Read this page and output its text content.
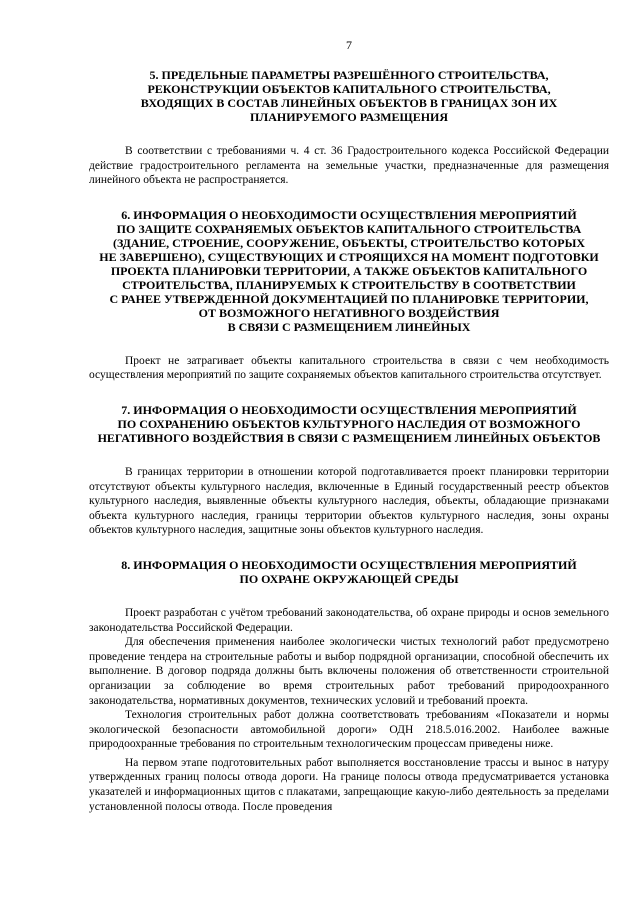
7
5. ПРЕДЕЛЬНЫЕ ПАРАМЕТРЫ РАЗРЕШЁННОГО СТРОИТЕЛЬСТВА,
РЕКОНСТРУКЦИИ ОБЪЕКТОВ КАПИТАЛЬНОГО СТРОИТЕЛЬСТВА,
ВХОДЯЩИХ В СОСТАВ ЛИНЕЙНЫХ ОБЪЕКТОВ В ГРАНИЦАХ ЗОН ИХ
ПЛАНИРУЕМОГО РАЗМЕЩЕНИЯ

В соответствии с требованиями ч. 4 ст. 36 Градостроительного кодекса Российской Федерации действие градостроительного регламента на земельные участки, предназначенные для размещения линейного объекта не распространяется.

6. ИНФОРМАЦИЯ О НЕОБХОДИМОСТИ ОСУЩЕСТВЛЕНИЯ МЕРОПРИЯТИЙ
ПО ЗАЩИТЕ СОХРАНЯЕМЫХ ОБЪЕКТОВ КАПИТАЛЬНОГО СТРОИТЕЛЬСТВА
(ЗДАНИЕ, СТРОЕНИЕ, СООРУЖЕНИЕ, ОБЪЕКТЫ, СТРОИТЕЛЬСТВО КОТОРЫХ
НЕ ЗАВЕРШЕНО), СУЩЕСТВУЮЩИХ И СТРОЯЩИХСЯ НА МОМЕНТ ПОДГОТОВКИ
ПРОЕКТА ПЛАНИРОВКИ ТЕРРИТОРИИ, А ТАКЖЕ ОБЪЕКТОВ КАПИТАЛЬНОГО
СТРОИТЕЛЬСТВА, ПЛАНИРУЕМЫХ К СТРОИТЕЛЬСТВУ В СООТВЕТСТВИИ
С РАНЕЕ УТВЕРЖДЕННОЙ ДОКУМЕНТАЦИЕЙ ПО ПЛАНИРОВКЕ ТЕРРИТОРИИ,
ОТ ВОЗМОЖНОГО НЕГАТИВНОГО ВОЗДЕЙСТВИЯ
В СВЯЗИ С РАЗМЕЩЕНИЕМ ЛИНЕЙНЫХ

Проект не затрагивает объекты капитального строительства в связи с чем необходимость осуществления мероприятий по защите сохраняемых объектов капитального строительства отсутствует.

7. ИНФОРМАЦИЯ О НЕОБХОДИМОСТИ ОСУЩЕСТВЛЕНИЯ МЕРОПРИЯТИЙ
ПО СОХРАНЕНИЮ ОБЪЕКТОВ КУЛЬТУРНОГО НАСЛЕДИЯ ОТ ВОЗМОЖНОГО
НЕГАТИВНОГО ВОЗДЕЙСТВИЯ В СВЯЗИ С РАЗМЕЩЕНИЕМ ЛИНЕЙНЫХ ОБЪЕКТОВ

В границах территории в отношении которой подготавливается проект планировки территории отсутствуют объекты культурного наследия, включенные в Единый государственный реестр объектов культурного наследия, выявленные объекты культурного наследия, объекты, обладающие признаками объекта культурного наследия, границы территории объектов культурного наследия, зоны охраны объектов культурного наследия, защитные зоны объектов культурного наследия.

8. ИНФОРМАЦИЯ О НЕОБХОДИМОСТИ ОСУЩЕСТВЛЕНИЯ МЕРОПРИЯТИЙ
ПО ОХРАНЕ ОКРУЖАЮЩЕЙ СРЕДЫ

Проект разработан с учётом требований законодательства, об охране природы и основ земельного законодательства Российской Федерации.

Для обеспечения применения наиболее экологически чистых технологий работ предусмотрено проведение тендера на строительные работы и выбор подрядной организации, способной обеспечить их выполнение. В договор подряда должны быть включены положения об ответственности строительной организации за соблюдение во время строительных работ требований природоохранного законодательства, нормативных документов, технических условий и требований проекта.

Технология строительных работ должна соответствовать требованиям «Показатели и нормы экологической безопасности автомобильной дороги» ОДН 218.5.016.2002. Наиболее важные природоохранные требования по строительным технологическим процессам приведены ниже.

На первом этапе подготовительных работ выполняется восстановление трассы и вынос в натуру утвержденных границ полосы отвода дороги. На границе полосы отвода предусматривается установка указателей и информационных щитов с плакатами, запрещающие какую-либо деятельность за пределами установленной полосы отвода. После проведения
